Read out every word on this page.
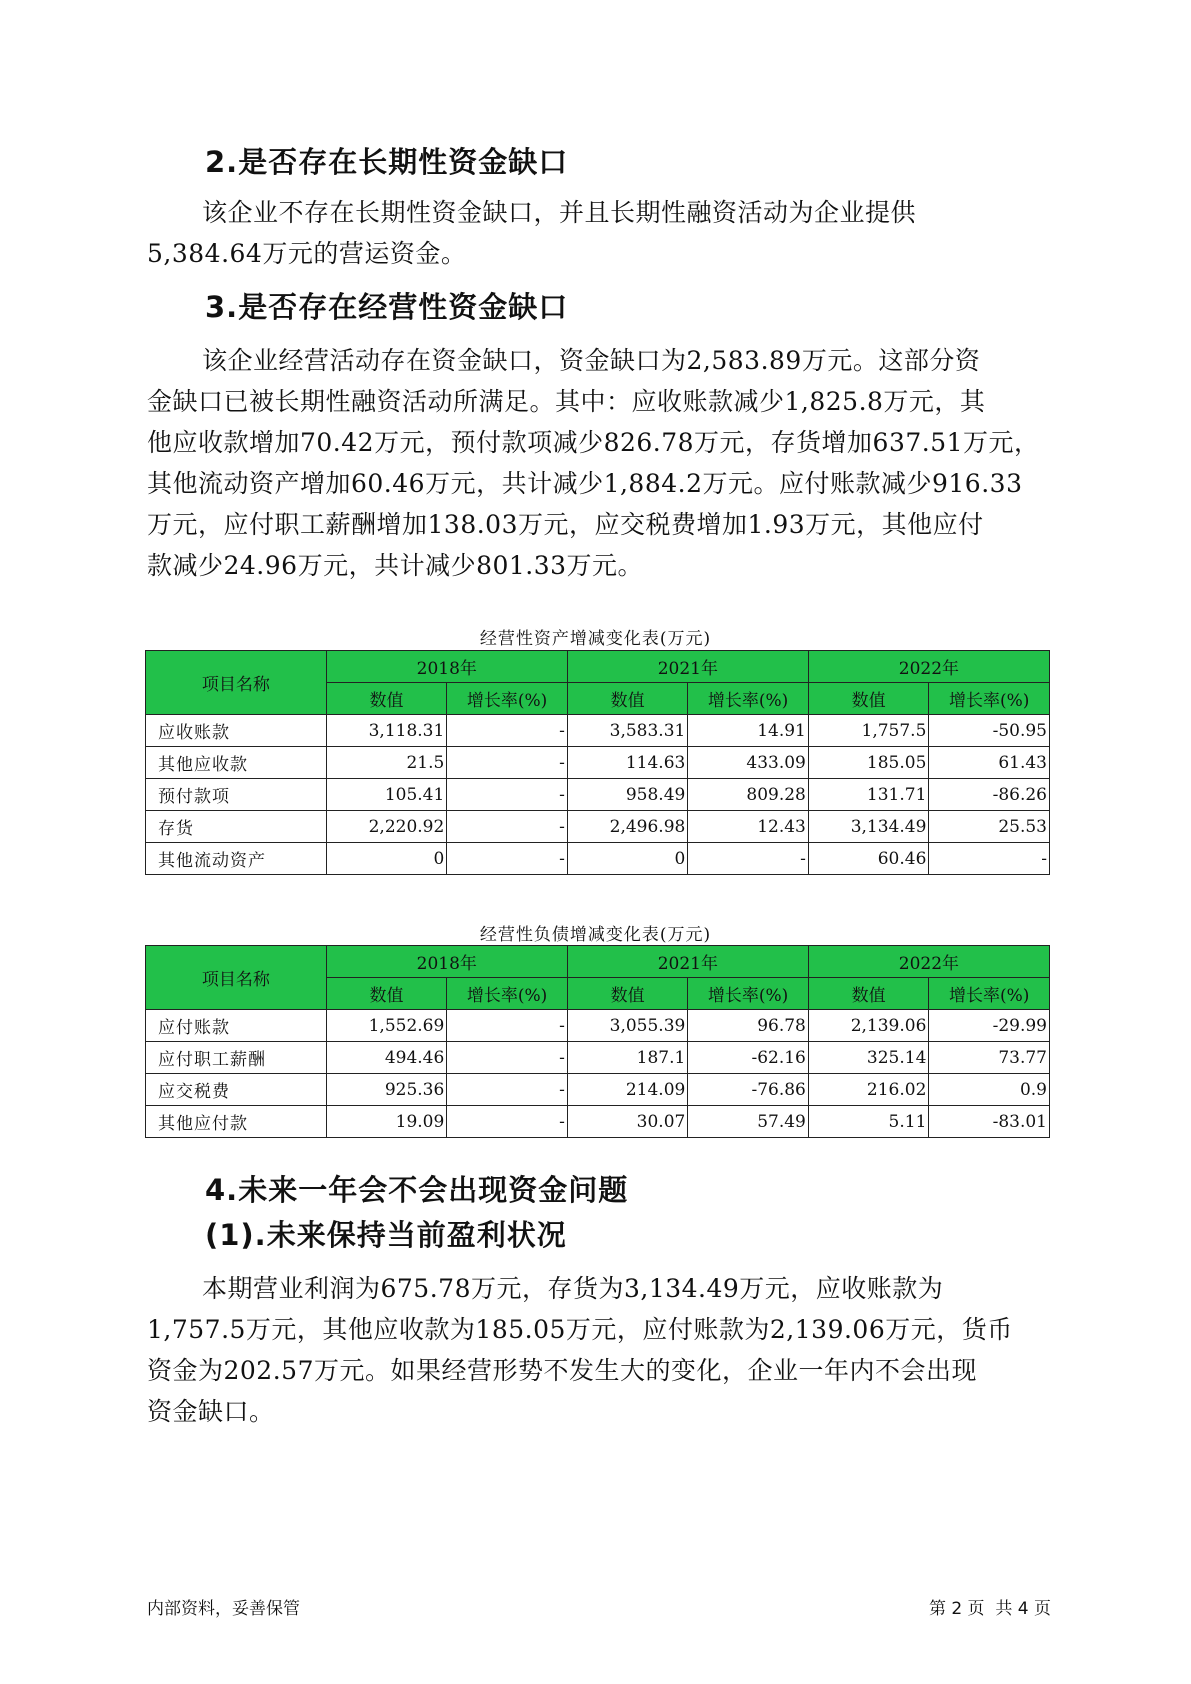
2.是否存在长期性资金缺口

该企业不存在长期性资金缺口，并且长期性融资活动为企业提供
5,384.64万元的营运资金。

3.是否存在经营性资金缺口

该企业经营活动存在资金缺口，资金缺口为2,583.89万元。这部分资
金缺口已被长期性融资活动所满足。其中：应收账款减少1,825.8万元，其
他应收款增加70.42万元，预付款项减少826.78万元，存货增加637.51万元，
其他流动资产增加60.46万元，共计减少1,884.2万元。应付账款减少916.33
万元，应付职工薪酬增加138.03万元，应交税费增加1.93万元，其他应付
款减少24.96万元，共计减少801.33万元。

经营性资产增减变化表(万元)

项目名称	2018年		2021年		2022年	
	数值	增长率(%)	数值	增长率(%)	数值	增长率(%)
应收账款	3,118.31	-	3,583.31	14.91	1,757.5	-50.95
其他应收款	21.5	-	114.63	433.09	185.05	61.43
预付款项	105.41	-	958.49	809.28	131.71	-86.26
存货	2,220.92	-	2,496.98	12.43	3,134.49	25.53
其他流动资产	0	-	0	-	60.46	-

经营性负债增减变化表(万元)

项目名称	2018年		2021年		2022年	
	数值	增长率(%)	数值	增长率(%)	数值	增长率(%)
应付账款	1,552.69	-	3,055.39	96.78	2,139.06	-29.99
应付职工薪酬	494.46	-	187.1	-62.16	325.14	73.77
应交税费	925.36	-	214.09	-76.86	216.02	0.9
其他应付款	19.09	-	30.07	57.49	5.11	-83.01
4.未来一年会不会出现资金问题
(1).未来保持当前盈利状况

本期营业利润为675.78万元，存货为3,134.49万元，应收账款为
1,757.5万元，其他应收款为185.05万元，应付账款为2,139.06万元，货币
资金为202.57万元。如果经营形势不发生大的变化，企业一年内不会出现
资金缺口。

内部资料，妥善保管	第 2 页  共 4 页
